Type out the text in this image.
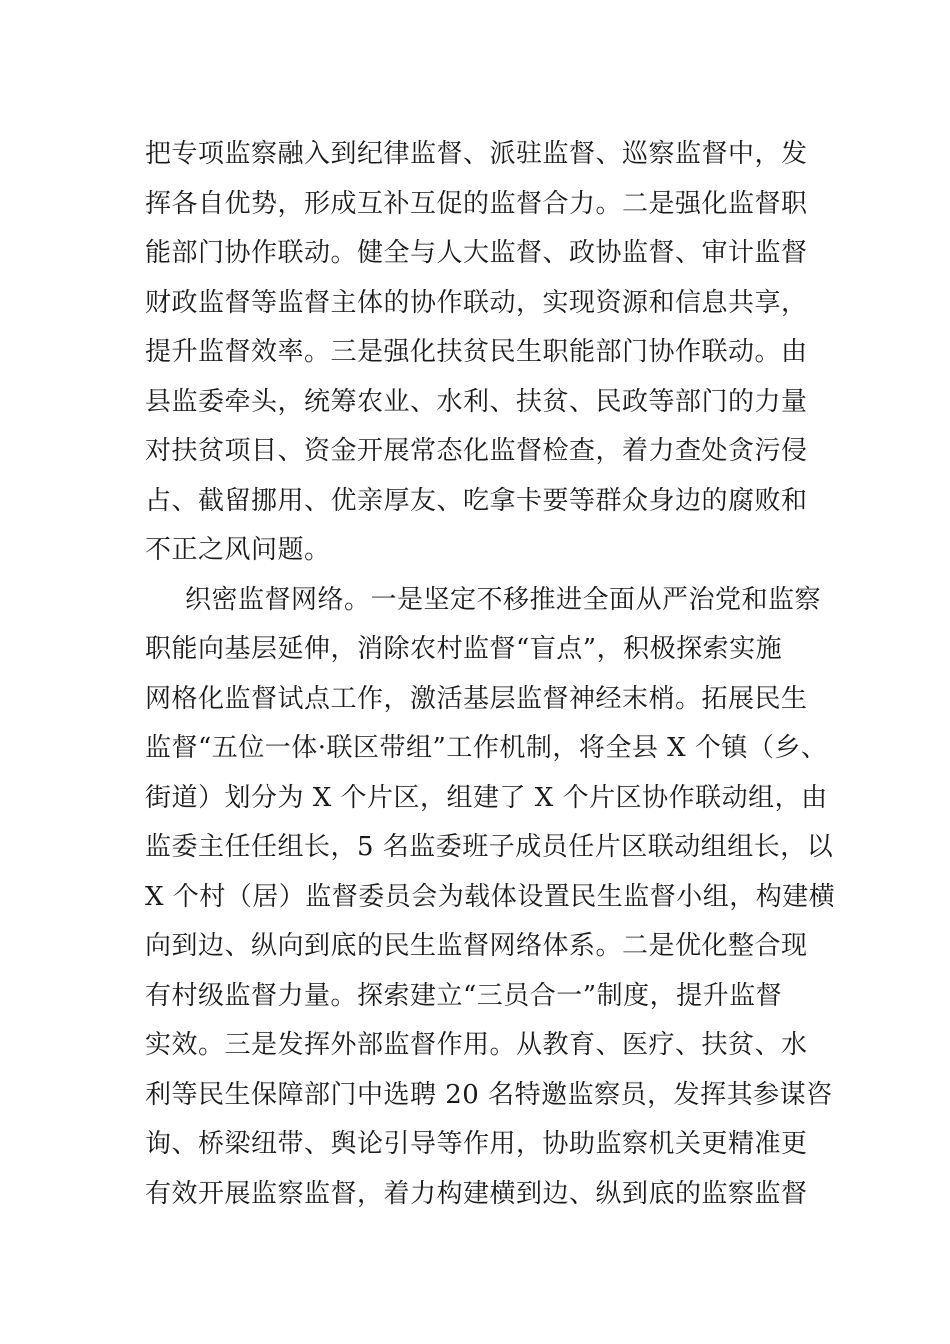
把专项监察融入到纪律监督、派驻监督、巡察监督中，发
挥各自优势，形成互补互促的监督合力。二是强化监督职
能部门协作联动。健全与人大监督、政协监督、审计监督
财政监督等监督主体的协作联动，实现资源和信息共享，
提升监督效率。三是强化扶贫民生职能部门协作联动。由
县监委牵头，统筹农业、水利、扶贫、民政等部门的力量
对扶贫项目、资金开展常态化监督检查，着力查处贪污侵
占、截留挪用、优亲厚友、吃拿卡要等群众身边的腐败和
不正之风问题。
织密监督网络。一是坚定不移推进全面从严治党和监察
职能向基层延伸，消除农村监督“盲点”，积极探索实施
网格化监督试点工作，激活基层监督神经末梢。拓展民生
监督“五位一体·联区带组”工作机制，将全县 X 个镇（乡、
街道）划分为 X 个片区，组建了 X 个片区协作联动组，由
监委主任任组长，5 名监委班子成员任片区联动组组长，以
X 个村（居）监督委员会为载体设置民生监督小组，构建横
向到边、纵向到底的民生监督网络体系。二是优化整合现
有村级监督力量。探索建立“三员合一”制度，提升监督
实效。三是发挥外部监督作用。从教育、医疗、扶贫、水
利等民生保障部门中选聘 20 名特邀监察员，发挥其参谋咨
询、桥梁纽带、舆论引导等作用，协助监察机关更精准更
有效开展监察监督，着力构建横到边、纵到底的监察监督
